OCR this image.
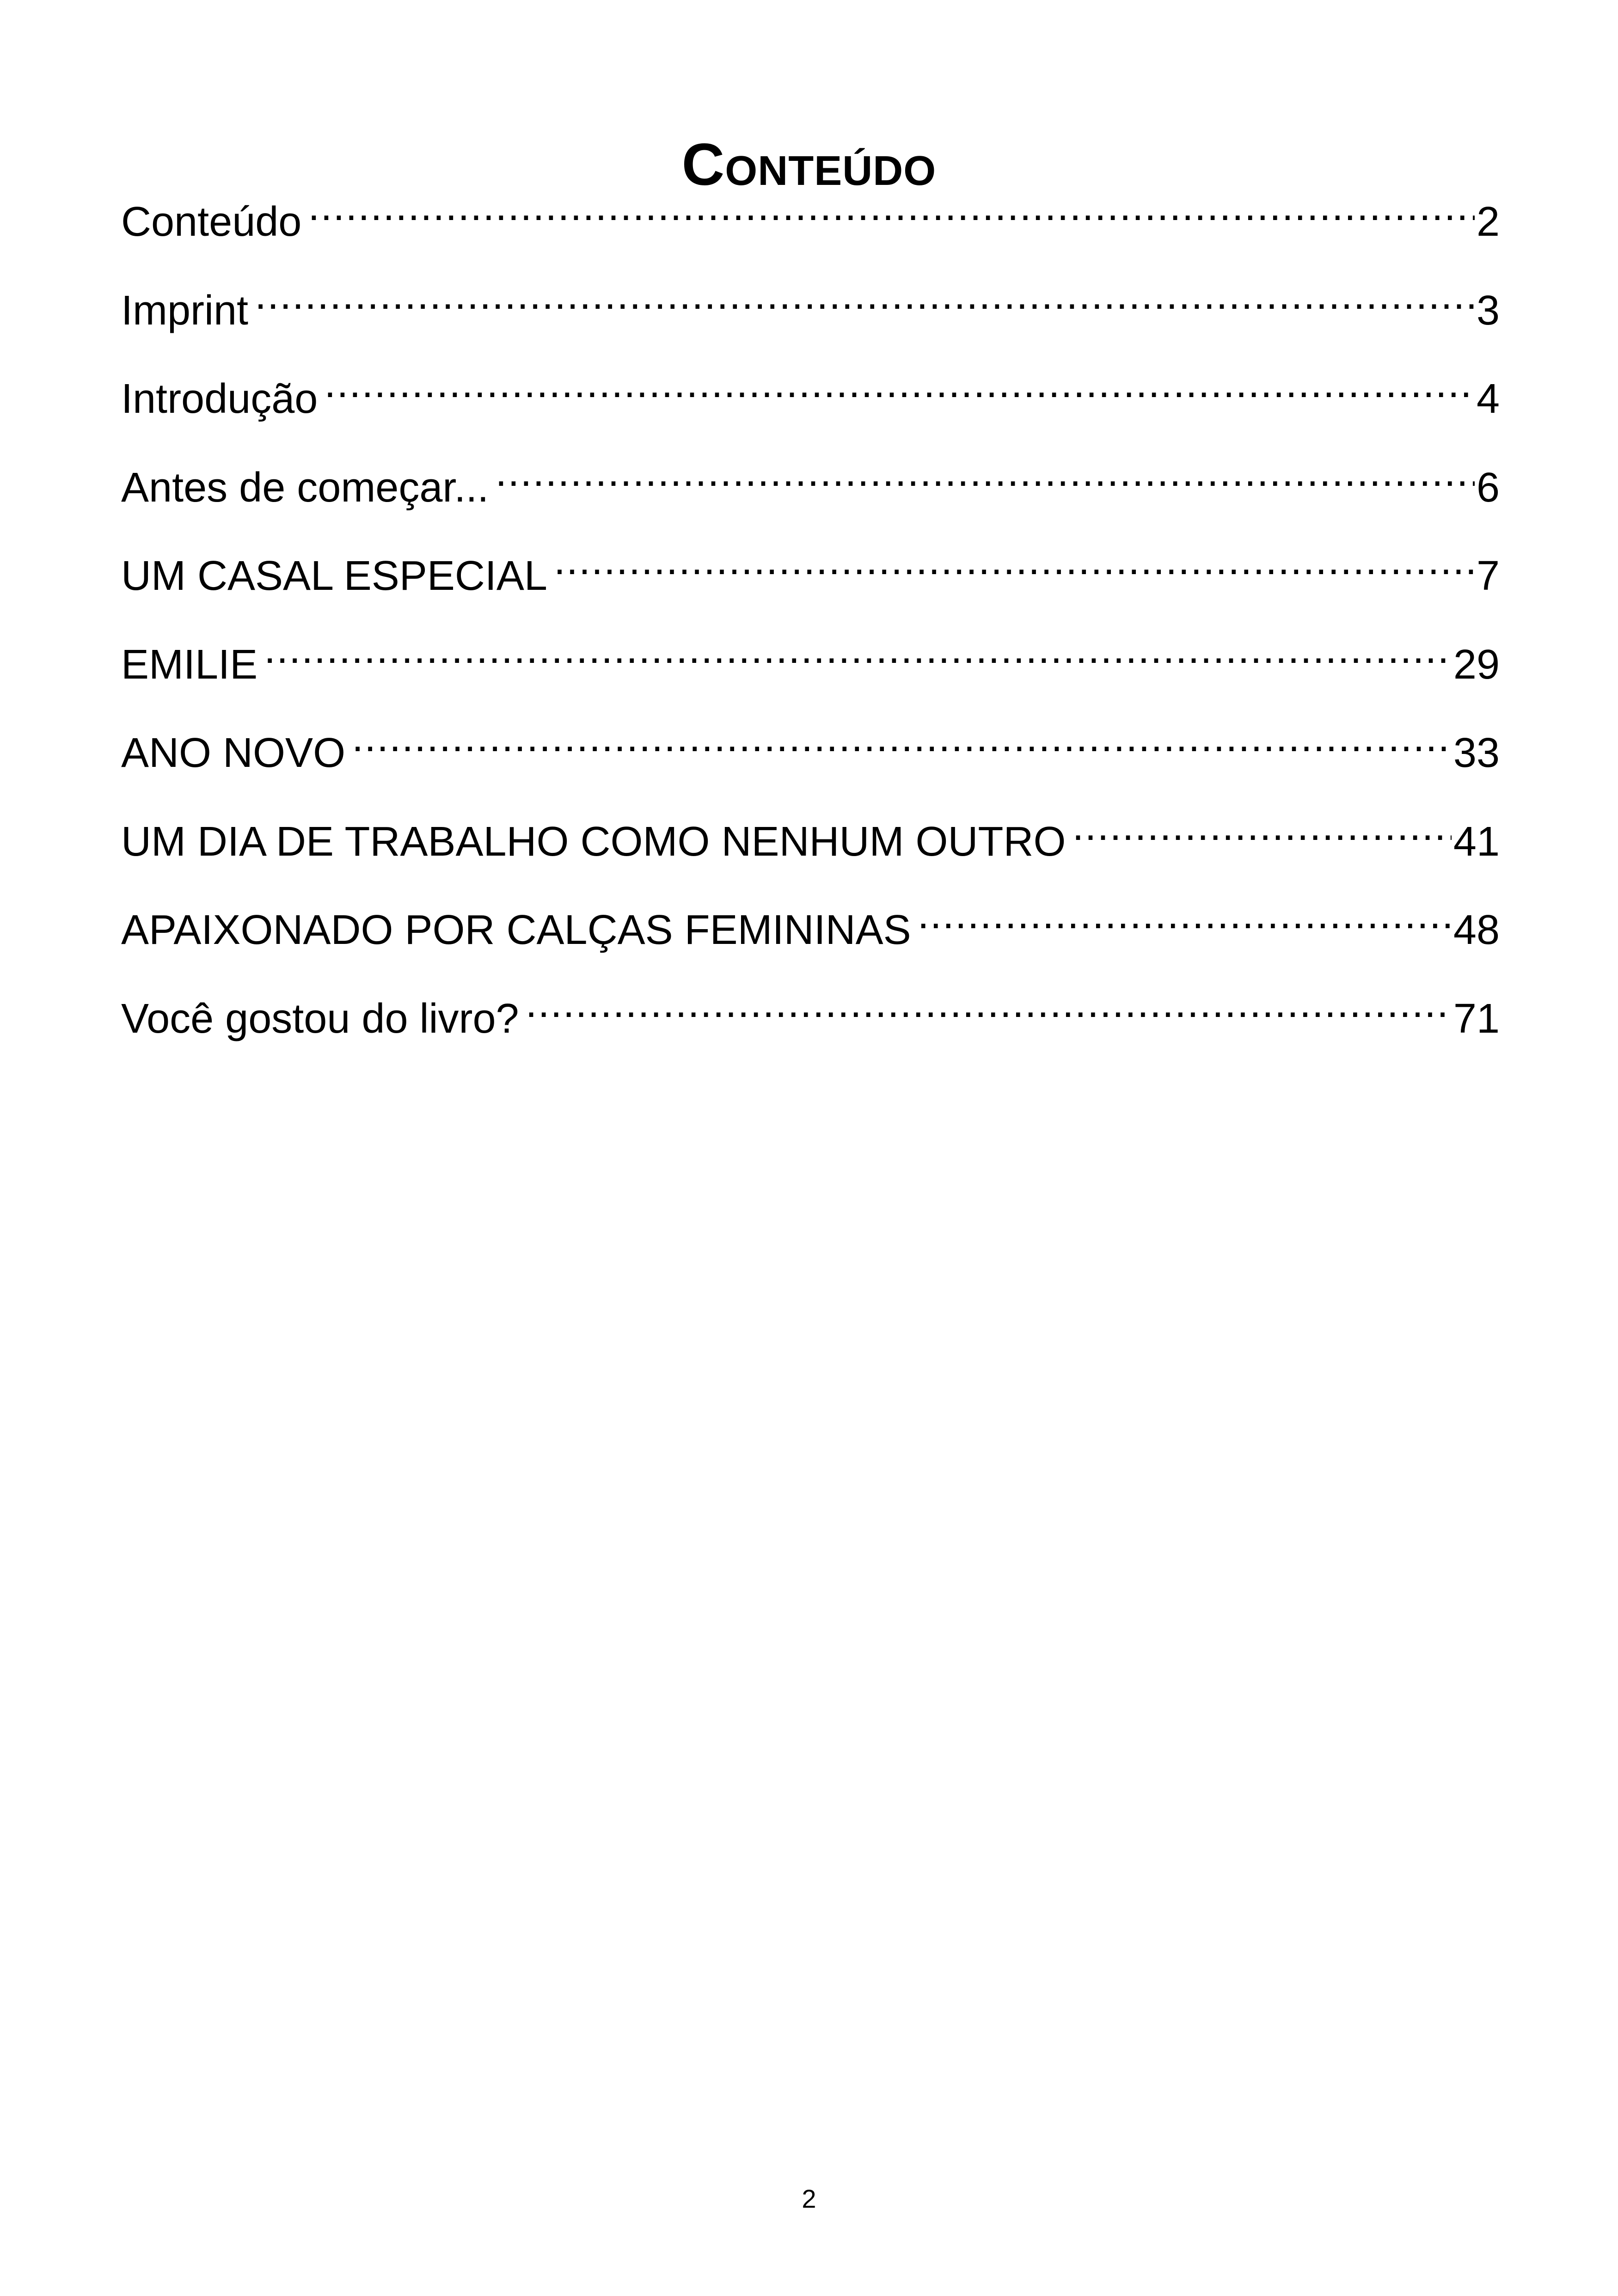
Conteúdo
Conteúdo .....	2
Imprint .....	3
Introdução .....	4
Antes de começar... .....	6
UM CASAL ESPECIAL .....	7
EMILIE .....	29
ANO NOVO .....	33
UM DIA DE TRABALHO COMO NENHUM OUTRO .....	41
APAIXONADO POR CALÇAS FEMININAS .....	48
Você gostou do livro? .....	71
2
